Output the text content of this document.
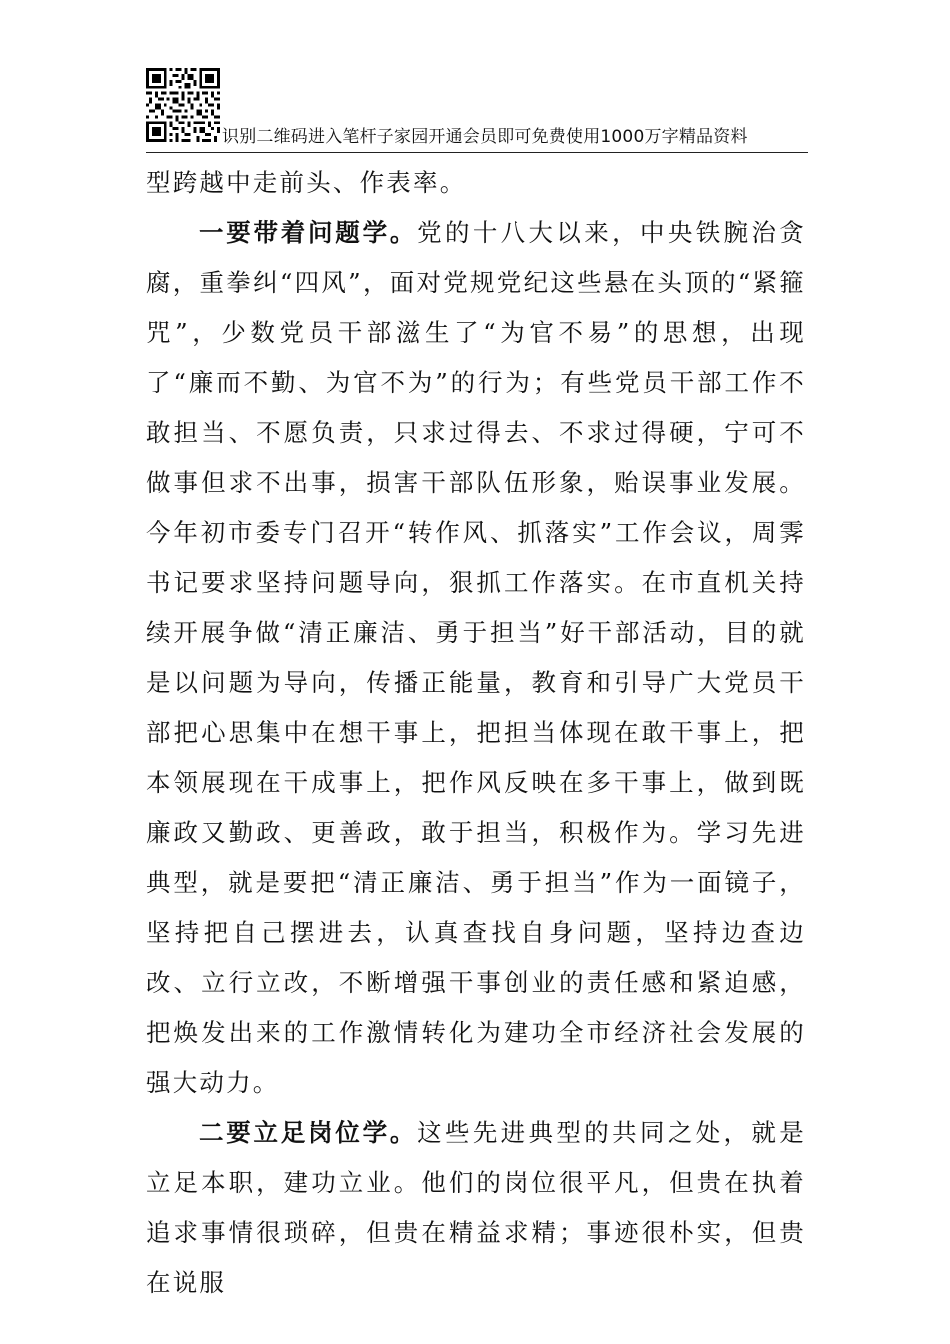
识别二维码进入笔杆子家园开通会员即可免费使用1000万字精品资料

型跨越中走前头、作表率。

一要带着问题学。党的十八大以来，中央铁腕治贪腐，重拳纠“四风”，面对党规党纪这些悬在头顶的“紧箍咒”，少数党员干部滋生了“为官不易”的思想，出现了“廉而不勤、为官不为”的行为；有些党员干部工作不敢担当、不愿负责，只求过得去、不求过得硬，宁可不做事但求不出事，损害干部队伍形象，贻误事业发展。今年初市委专门召开“转作风、抓落实”工作会议，周霁书记要求坚持问题导向，狠抓工作落实。在市直机关持续开展争做“清正廉洁、勇于担当”好干部活动，目的就是以问题为导向，传播正能量，教育和引导广大党员干部把心思集中在想干事上，把担当体现在敢干事上，把本领展现在干成事上，把作风反映在多干事上，做到既廉政又勤政、更善政，敢于担当，积极作为。学习先进典型，就是要把“清正廉洁、勇于担当”作为一面镜子，坚持把自己摆进去，认真查找自身问题，坚持边查边改、立行立改，不断增强干事创业的责任感和紧迫感，把焕发出来的工作激情转化为建功全市经济社会发展的强大动力。

二要立足岗位学。这些先进典型的共同之处，就是立足本职，建功立业。他们的岗位很平凡，但贵在执着追求事情很琐碎，但贵在精益求精；事迹很朴实，但贵在说服
